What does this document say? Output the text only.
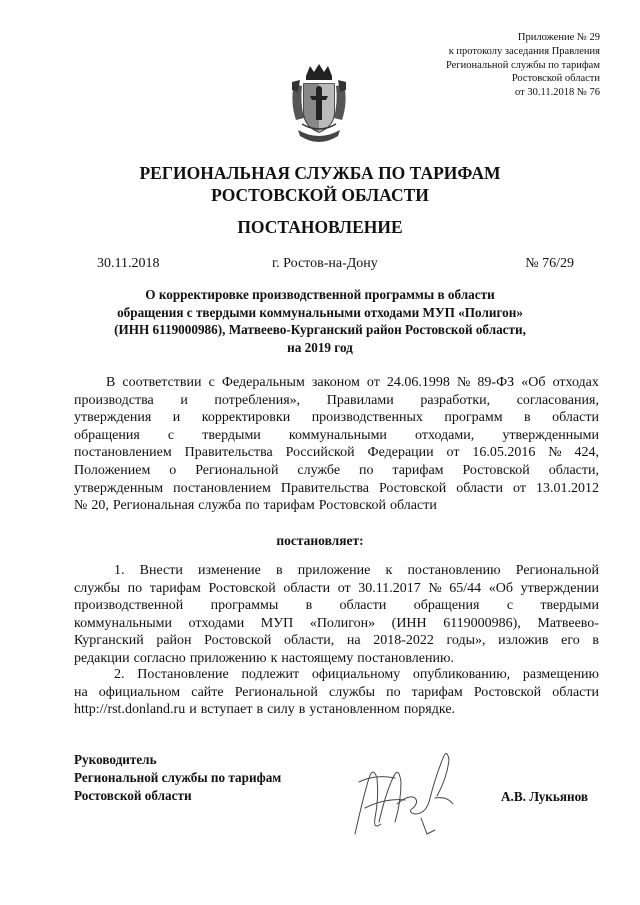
Приложение № 29
к протоколу заседания Правления
Региональной службы по тарифам
Ростовской области
от 30.11.2018 № 76
РЕГИОНАЛЬНАЯ СЛУЖБА ПО ТАРИФАМ
РОСТОВСКОЙ ОБЛАСТИ
ПОСТАНОВЛЕНИЕ
30.11.2018	г. Ростов-на-Дону	№ 76/29
О корректировке производственной программы в области
обращения с твердыми коммунальными отходами МУП «Полигон»
(ИНН 6119000986), Матвеево-Курганский район Ростовской области,
на 2019 год
В соответствии с Федеральным законом от 24.06.1998 № 89-ФЗ «Об отходах
производства и потребления», Правилами разработки, согласования,
утверждения и корректировки производственных программ в области
обращения с твердыми коммунальными отходами, утвержденными
постановлением Правительства Российской Федерации от 16.05.2016 № 424,
Положением о Региональной службе по тарифам Ростовской области,
утвержденным постановлением Правительства Ростовской области от 13.01.2012
№ 20, Региональная служба по тарифам Ростовской области
постановляет:
1. Внести изменение в приложение к постановлению Региональной
службы по тарифам Ростовской области от 30.11.2017 № 65/44 «Об утверждении
производственной программы в области обращения с твердыми
коммунальными отходами МУП «Полигон» (ИНН 6119000986), Матвеево-
Курганский район Ростовской области, на 2018-2022 годы», изложив его в
редакции согласно приложению к настоящему постановлению.
2. Постановление подлежит официальному опубликованию, размещению
на официальном сайте Региональной службы по тарифам Ростовской области
http://rst.donland.ru и вступает в силу в установленном порядке.
Руководитель
Региональной службы по тарифам
Ростовской области	А.В. Лукьянов
